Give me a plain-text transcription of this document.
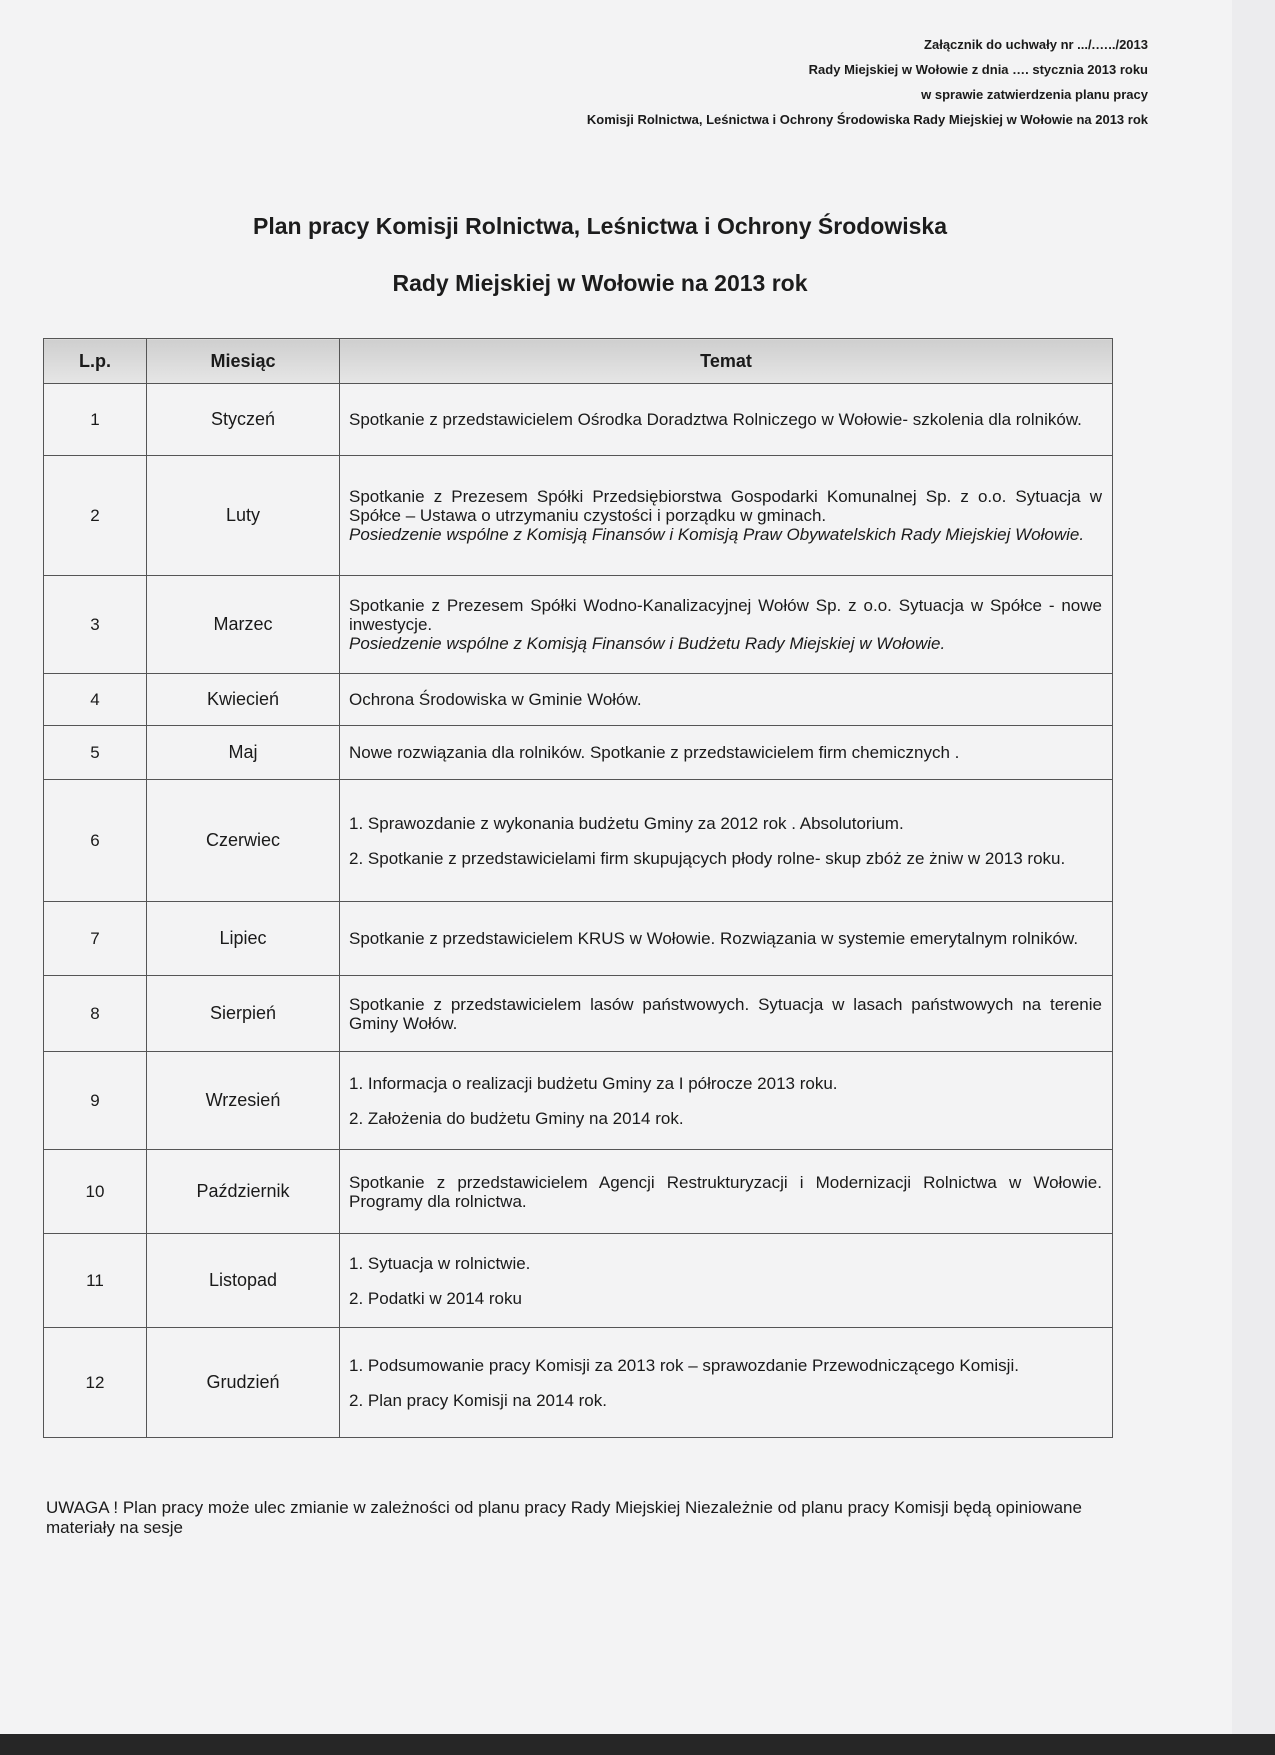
Załącznik do uchwały nr .../.…../2013
Rady Miejskiej w Wołowie z dnia …. stycznia 2013 roku
w sprawie zatwierdzenia planu pracy
Komisji Rolnictwa, Leśnictwa i Ochrony Środowiska Rady Miejskiej w Wołowie na 2013 rok
Plan pracy Komisji Rolnictwa, Leśnictwa i Ochrony Środowiska
Rady Miejskiej w Wołowie na 2013 rok
L.p.	Miesiąc	Temat
1	Styczeń	Spotkanie z przedstawicielem Ośrodka Doradztwa Rolniczego w Wołowie- szkolenia dla rolników.

2	Luty	Spotkanie z Prezesem Spółki Przedsiębiorstwa Gospodarki Komunalnej Sp. z o.o. Sytuacja w Spółce – Ustawa o utrzymaniu czystości i porządku w gminach.
Posiedzenie wspólne z Komisją Finansów i Komisją Praw Obywatelskich Rady Miejskiej Wołowie.

3	Marzec	Spotkanie z Prezesem Spółki Wodno-Kanalizacyjnej Wołów Sp. z o.o. Sytuacja w Spółce - nowe inwestycje.
Posiedzenie wspólne z Komisją Finansów i Budżetu Rady Miejskiej w Wołowie.

4	Kwiecień	Ochrona Środowiska w Gminie Wołów.

5	Maj	Nowe rozwiązania dla rolników. Spotkanie z przedstawicielem firm chemicznych .

6	Czerwiec	1. Sprawozdanie z wykonania budżetu Gminy za 2012 rok . Absolutorium.
2. Spotkanie z przedstawicielami firm skupujących płody rolne- skup zbóż ze żniw w 2013 roku.

7	Lipiec	Spotkanie z przedstawicielem KRUS w Wołowie. Rozwiązania w systemie emerytalnym rolników.

8	Sierpień	Spotkanie z przedstawicielem lasów państwowych. Sytuacja w lasach państwowych na terenie Gminy Wołów.

9	Wrzesień	1. Informacja o realizacji budżetu Gminy za I półrocze 2013 roku.
2. Założenia do budżetu Gminy na 2014 rok.

10	Październik	Spotkanie z przedstawicielem Agencji Restrukturyzacji i Modernizacji Rolnictwa w Wołowie. Programy dla rolnictwa.

11	Listopad	1. Sytuacja w rolnictwie.
2. Podatki w 2014 roku

12	Grudzień	1. Podsumowanie pracy Komisji za 2013 rok – sprawozdanie Przewodniczącego Komisji.
2. Plan pracy Komisji na 2014 rok.
UWAGA ! Plan pracy może ulec zmianie w zależności od planu pracy Rady Miejskiej Niezależnie od planu pracy Komisji będą opiniowane materiały na sesje
